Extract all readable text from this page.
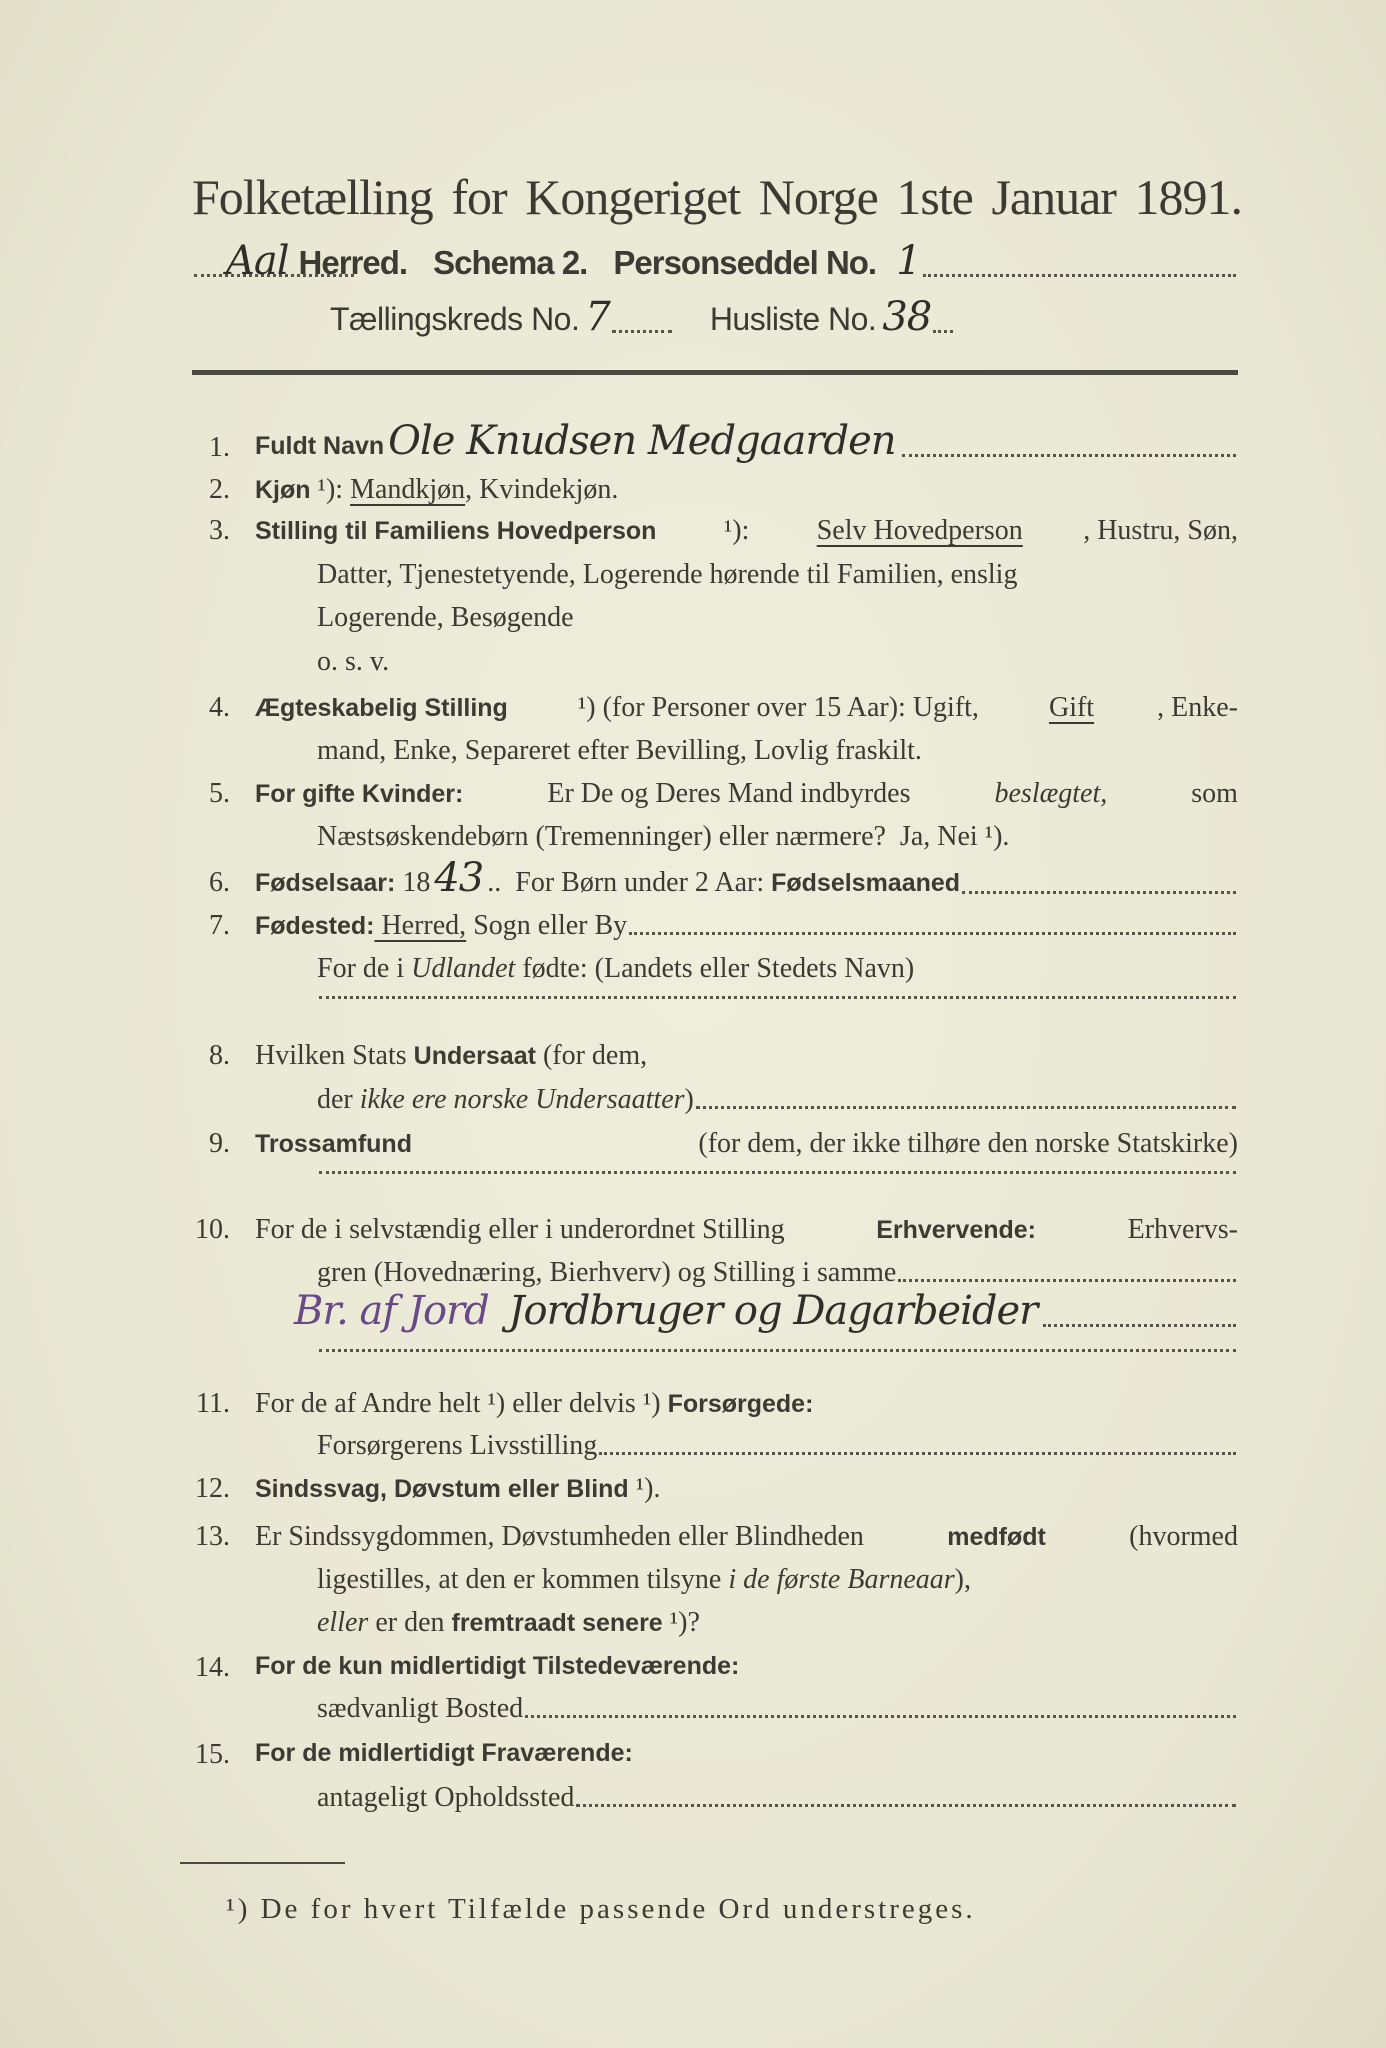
Folketælling for Kongeriget Norge 1ste Januar 1891.
Aal Herred. Schema 2. Personseddel No. 1
Tællingskreds No. 7	Husliste No. 38
1. Fuldt Navn Ole Knudsen Medgaarden
2. Kjøn ¹): Mandkjøn , Kvindekjøn.
3. Stilling til Familiens Hovedperson ¹): Selv Hovedperson , Hustru, Søn,
Datter, Tjenestetyende, Logerende hørende til Familien, enslig
Logerende, Besøgende
o. s. v.
4. Ægteskabelig Stilling ¹) (for Personer over 15 Aar): Ugift, Gift , Enke-
mand, Enke, Separeret efter Bevilling, Lovlig fraskilt.
5. For gifte Kvinder:	Er De og Deres Mand indbyrdes	beslægtet,	som
Næstsøskendebørn (Tremenninger) eller nærmere?  Ja, Nei ¹).
6. Fødselsaar: 18 43 ..  For Børn under 2 Aar: Fødselsmaaned
7. Fødested: Herred, Sogn eller By
For de i Udlandet fødte: (Landets eller Stedets Navn)
8. Hvilken Stats Undersaat (for dem,
der ikke ere norske Undersaatter )
9. Trossamfund	(for dem, der ikke tilhøre den norske Statskirke)
10. For de i selvstændig eller i underordnet Stilling	Erhvervende:	Erhvervs-
gren (Hovednæring, Bierhverv) og Stilling i samme
Br. af Jord Jordbruger og Dagarbeider
11. For de af Andre helt ¹) eller delvis ¹) Forsørgede:
Forsørgerens Livsstilling
12. Sindssvag, Døvstum eller Blind ¹).
13. Er Sindssygdommen, Døvstumheden eller Blindheden	medfødt	(hvormed
ligestilles, at den er kommen tilsyne i de første Barneaar ),
eller er den fremtraadt senere ¹)?
14. For de kun midlertidigt Tilstedeværende:
sædvanligt Bosted
15. For de midlertidigt Fraværende:
antageligt Opholdssted
¹) De for hvert Tilfælde passende Ord understreges.
